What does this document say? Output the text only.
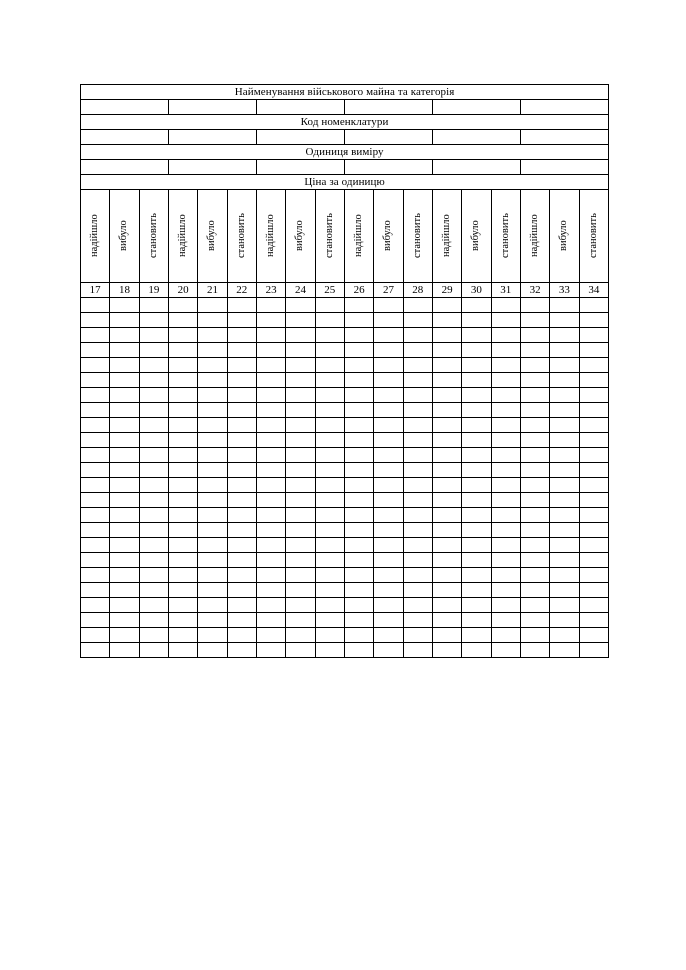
Найменування військового майна та категорія																	

Код номенклатури																	

Одиниця виміру																	

Ціна за одиницю																	

надійшло	вибуло	становить	надійшло	вибуло	становить	надійшло	вибуло	становить	надійшло	вибуло	становить	надійшло	вибуло	становить	надійшло	вибуло	становить

17	18	19	20	21	22	23	24	25	26	27	28	29	30	31	32	33	34
